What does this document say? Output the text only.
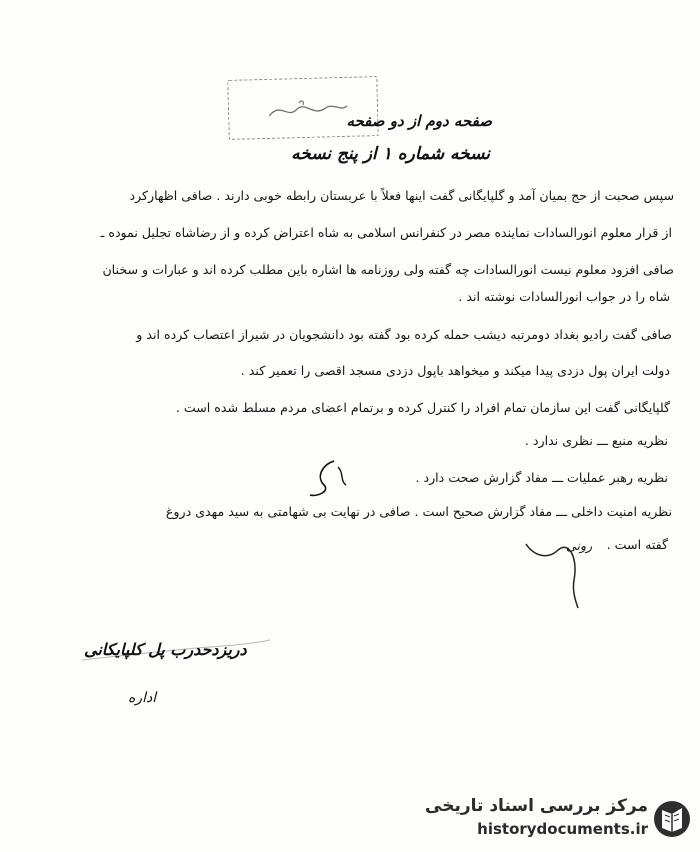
صفحه دوم از دو صفحه
نسخه شماره ۱ از پنج نسخه
سپس صحبت از حج بمیان آمد و گلپایگانی گفت اینها فعلاً با عربستان رابطه خوبی دارند . صافی اظهارکرد
از قرار معلوم انورالسادات نماینده مصر در کنفرانس اسلامی به شاه اعتراض کرده و از رضاشاه تجلیل نموده ـ
صافی افزود معلوم نیست انورالسادات چه گفته ولی روزنامه ها اشاره باین مطلب کرده اند و عبارات و سخنان
شاه را در جواب انورالسادات نوشته اند .
صافی گفت رادیو بغداد دومرتبه دیشب حمله کرده بود گفته بود دانشجویان در شیراز اعتصاب کرده اند و
دولت ایران پول دزدی پیدا میکند و میخواهد باپول دزدی مسجد اقصی را تعمیر کند .
گلپایگانی گفت این سازمان تمام افراد را کنترل کرده و برتمام اعضای مردم مسلط شده است .
نظریه منبع ـــ نظری ندارد .
نظریه رهبر عملیات ـــ مفاد گزارش صحت دارد .
نظریه امنیت داخلی ـــ مفاد گزارش صحیح است . صافی در نهایت بی شهامتی به سید مهدی دروغ
گفته است .
رونی
دریزدحدرب پل کلپایکانی
اداره
مرکز بررسی اسناد تاریخی
historydocuments.ir
